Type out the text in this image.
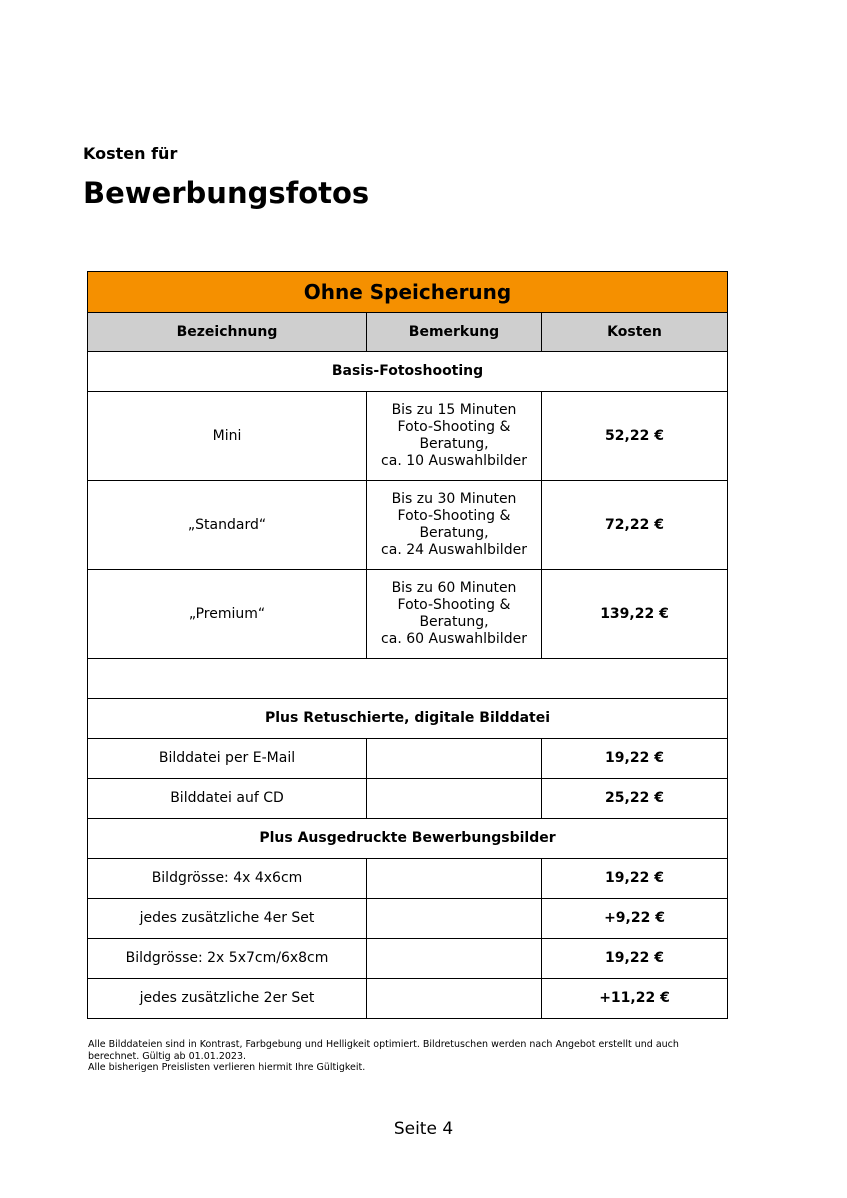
Kosten für
Bewerbungsfotos
Ohne Speicherung		
Bezeichnung	Bemerkung	Kosten
Basis-Fotoshooting		
Mini	Bis zu 15 Minuten
Foto-Shooting &
Beratung,
ca. 10 Auswahlbilder	52,22 €
„Standard“	Bis zu 30 Minuten
Foto-Shooting &
Beratung,
ca. 24 Auswahlbilder	72,22 €
„Premium“	Bis zu 60 Minuten
Foto-Shooting &
Beratung,
ca. 60 Auswahlbilder	139,22 €

Plus Retuschierte, digitale Bilddatei		
Bilddatei per E-Mail		19,22 €
Bilddatei auf CD		25,22 €
Plus Ausgedruckte Bewerbungsbilder		
Bildgrösse: 4x 4x6cm		19,22 €
jedes zusätzliche 4er Set		+9,22 €
Bildgrösse: 2x 5x7cm/6x8cm		19,22 €
jedes zusätzliche 2er Set		+11,22 €
Alle Bilddateien sind in Kontrast, Farbgebung und Helligkeit optimiert. Bildretuschen werden nach Angebot erstellt und auch
berechnet. Gültig ab 01.01.2023.
Alle bisherigen Preislisten verlieren hiermit Ihre Gültigkeit.
Seite 4
